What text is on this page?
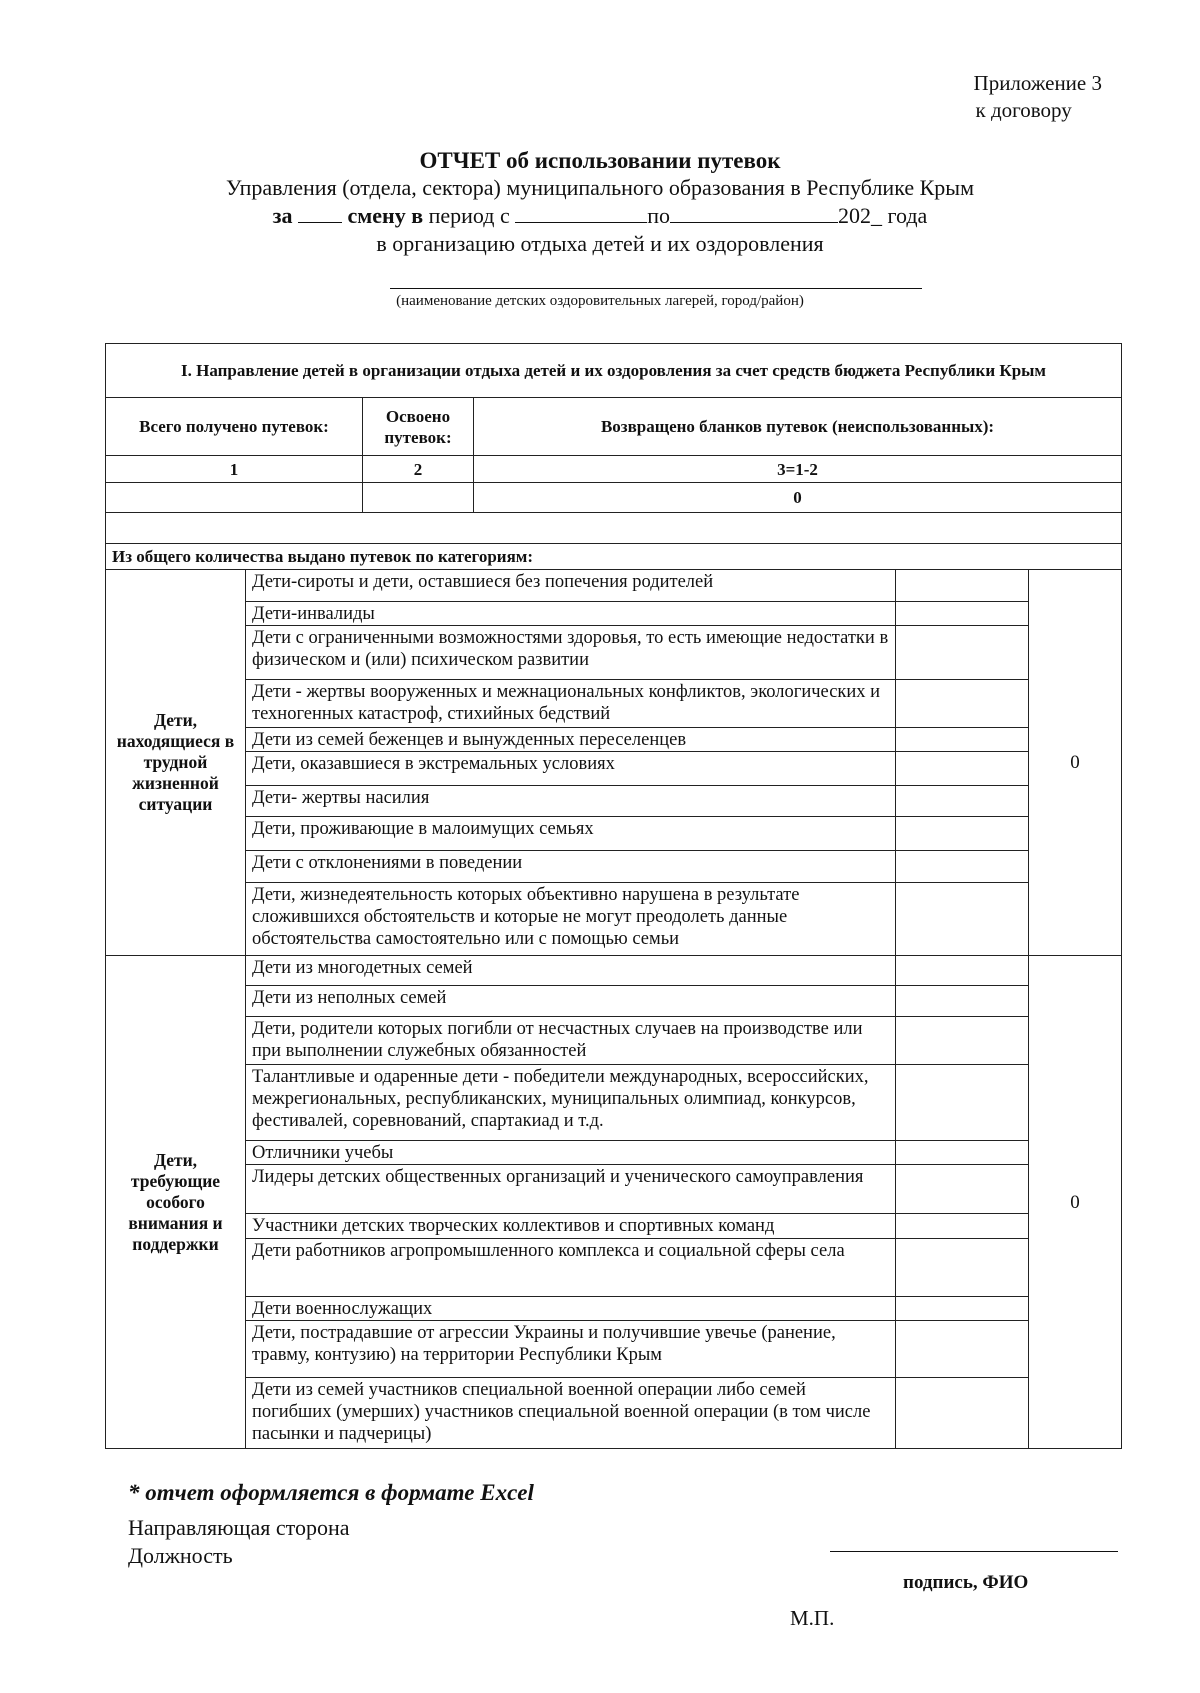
Приложение 3
к договору
ОТЧЕТ об использовании путевок
Управления (отдела, сектора) муниципального образования в Республике Крым
за	смену в период с	по	202_ года
в организацию отдыха детей и их оздоровления
(наименование детских оздоровительных лагерей, город/район)
I. Направление детей в организации отдыха детей и их оздоровления за счет средств бюджета Республики Крым					
Всего получено путевок:		Освоено путевок:	Возвращено бланков путевок (неиспользованных):		
1		2	3=1-2		
			0		

Из общего количества выдано путевок по категориям:					
Дети, находящиеся в трудной жизненной ситуации	Дети-сироты и дети, оставшиеся без попечения родителей				0
	Дети-инвалиды				
	Дети с ограниченными возможностями здоровья, то есть имеющие недостатки в физическом и (или) психическом развитии				
	Дети - жертвы вооруженных и межнациональных конфликтов, экологических и техногенных катастроф, стихийных бедствий				
	Дети из семей беженцев и вынужденных переселенцев				
	Дети, оказавшиеся в экстремальных условиях				
	Дети- жертвы насилия				
	Дети, проживающие в малоимущих семьях				
	Дети с отклонениями в поведении				
	Дети, жизнедеятельность которых объективно нарушена в результате сложившихся обстоятельств и которые не могут преодолеть данные обстоятельства самостоятельно или с помощью семьи				
Дети, требующие особого внимания и поддержки	Дети из многодетных семей				0
	Дети из неполных семей				
	Дети, родители которых погибли от несчастных случаев на производстве или при выполнении служебных обязанностей				
	Талантливые и одаренные дети - победители международных, всероссийских, межрегиональных, республиканских, муниципальных олимпиад, конкурсов, фестивалей, соревнований, спартакиад и т.д.				
	Отличники учебы				
	Лидеры детских общественных организаций и ученического самоуправления				
	Участники детских творческих коллективов и спортивных команд				
	Дети работников агропромышленного комплекса и социальной сферы села				
	Дети военнослужащих				
	Дети, пострадавшие от агрессии Украины и получившие увечье (ранение, травму, контузию) на территории Республики Крым				
	Дети из семей участников специальной военной операции либо семей погибших (умерших) участников специальной военной операции (в том числе пасынки и падчерицы)				
* отчет оформляется в формате Excel
Направляющая сторона
Должность
подпись, ФИО
М.П.
